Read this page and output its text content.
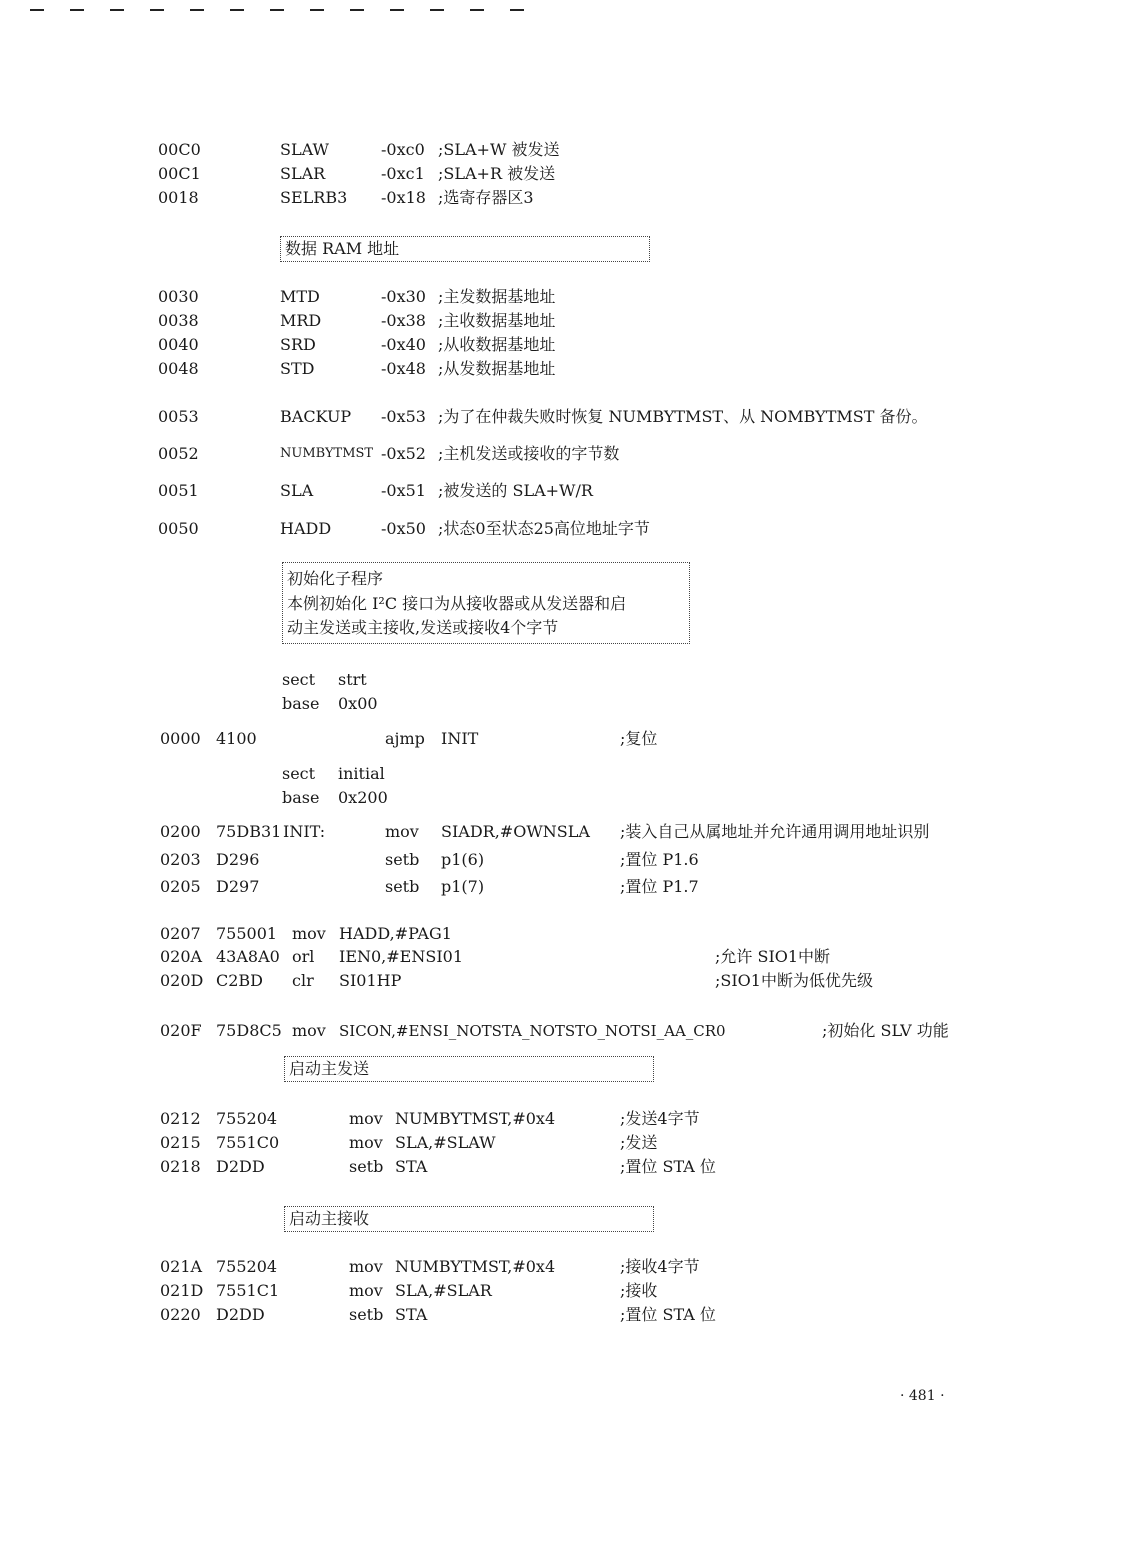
00C0	SLAW	-0xc0 ;SLA+W 被发送
00C1	SLAR	-0xc1 ;SLA+R 被发送
0018	SELRB3 -0x18 ;选寄存器区3
数据 RAM 地址
0030	MTD	-0x30 ;主发数据基地址
0038	MRD	-0x38 ;主收数据基地址
0040	SRD	-0x40 ;从收数据基地址
0048	STD	-0x48 ;从发数据基地址
0053	BACKUP -0x53 ;为了在仲裁失败时恢复 NUMBYTMST、从 NOMBYTMST 备份。
0052	NUMBYTMST -0x52 ;主机发送或接收的字节数
0051	SLA	-0x51 ;被发送的 SLA+W/R
0050	HADD	-0x50 ;状态0至状态25高位地址字节
初始化子程序
本例初始化 I²C 接口为从接收器或从发送器和启
动主发送或主接收,发送或接收4个字节
sect strt
base 0x00
0000 4100	ajmp INIT	;复位
sect initial
base 0x200
0200 75DB31 INIT:	mov SIADR,#OWNSLA ;装入自己从属地址并允许通用调用地址识别
0203 D296	setb p1(6)	;置位 P1.6
0205 D297	setb p1(7)	;置位 P1.7
0207 755001 mov HADD,#PAG1
020A 43A8A0 orl IEN0,#ENSI01	;允许 SIO1中断
020D C2BD clr SI01HP	;SIO1中断为低优先级
020F 75D8C5 mov SICON,#ENSI_NOTSTA_NOTSTO_NOTSI_AA_CR0	;初始化 SLV 功能
启动主发送
0212 755204	mov NUMBYTMST,#0x4	;发送4字节
0215 7551C0	mov SLA,#SLAW	;发送
0218 D2DD	setb STA	;置位 STA 位
启动主接收
021A 755204	mov NUMBYTMST,#0x4	;接收4字节
021D 7551C1	mov SLA,#SLAR	;接收
0220 D2DD	setb STA	;置位 STA 位
· 481 ·
